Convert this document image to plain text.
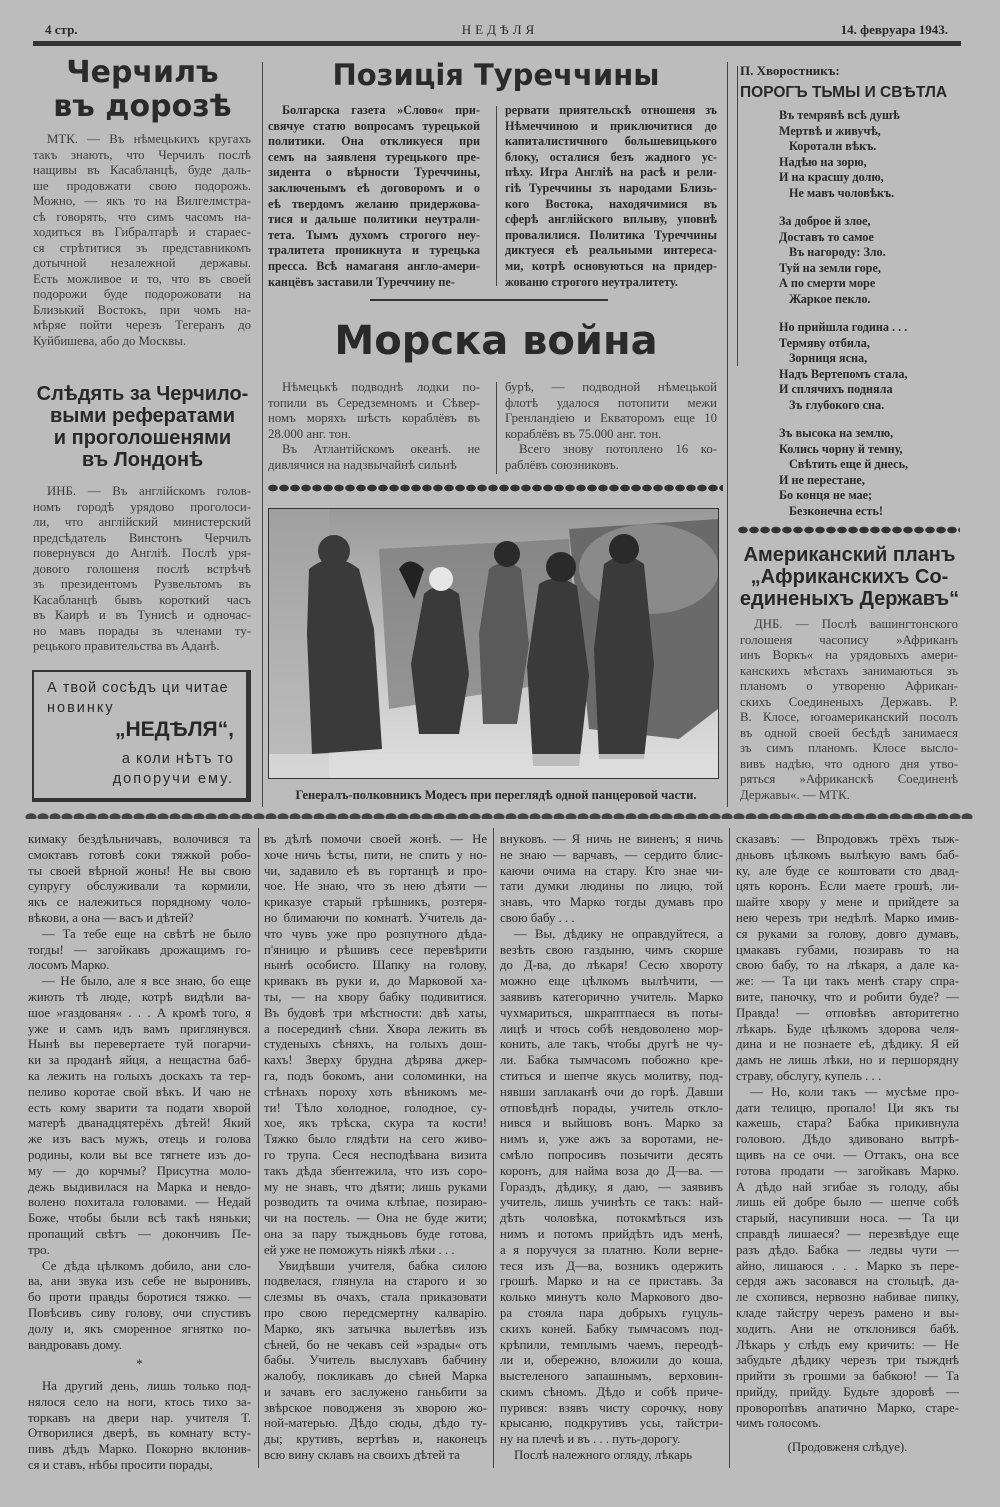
4 стр.	НЕДѢЛЯ	14. февруара 1943.
Черчилъ
въ дорозѣ

МТК. — Въ нѣмецькихъ кругахъ
такъ знають, что Черчилъ послѣ
нащивы въ Касабланцѣ, буде даль-
ше продовжати свою подорожь.
Можно, — якъ то на Вилгелмстра-
сѣ говорять, что симъ часомъ на-
ходиться въ Гибралтарѣ и стараес-
ся стрѣтитися зъ представникомъ
дотычной незалежной державы.
Есть можливое и то, что въ своей
подорожи буде подорожовати на
Близький Востокъ, при чомъ на-
мѣряе пойти черезъ Тегеранъ до
Куйбишева, або до Москвы.

Слѣдять за Черчило-
выми рефератами
и проголошенями
въ Лондонѣ

ИНБ. — Въ англійскомъ голов-
номъ городѣ урядово проголоси-
ли, что англійский министерский
предсѣдатель Винстонъ Черчилъ
повернувся до Англіѣ. Послѣ уря-
дового голошеня послѣ встрѣчѣ
зъ президентомъ Рузвельтомъ въ
Касабланцѣ бывъ короткий часъ
въ Каирѣ и въ Тунисѣ и одночас-
но мавъ порады зъ членами ту-
рецького правительства въ Аданѣ.

А твой сосѣдъ ци читае
новинку
„НЕДѢЛЯ“,
а коли нѣтъ то
допоручи ему.
Позиція Туреччины

Болгарска газета »Слово« при-
свячуе статю вопросамъ турецькой
политики. Она откликуеся при
семъ на заявленя турецького пре-
зидента о вѣрности Туреччины,
заключенымъ еѣ договоромъ и о
еѣ твердомъ желаню придержова-
тися и дальше политики неутрали-
тета. Тымъ духомъ строгого неу-
тралитета проникнута и турецька
пресса. Всѣ намаганя англо-амери-
канцёвъ заставили Туреччину пе-

рервати приятельскѣ отношеня зъ
Нѣмеччиною и приключитися до
капиталистичного большевицького
блоку, осталися безъ жадного ус-
пѣху. Игра Англіѣ на расѣ и рели-
гіѣ Туреччины зъ народами Близь-
кого Востока, находячимися въ
сферѣ англійского вплыву, уповнѣ
провалилися. Политика Туреччины
диктуеся еѣ реальными интереса-
ми, котрѣ основуються на придер-
жованю строгого неутралитету.

Морска война

Нѣмецькѣ подводнѣ лодки по-
топили въ Середземномъ и Сѣвер-
номъ моряхъ шѣсть кораблёвъ въ
28.000 анг. тон.

Въ Атлантійскомъ океанѣ. не
дивлячися на надзвычайнѣ сильнѣ

бурѣ, — подводной нѣмецькой
флотѣ удалося потопити межи
Гренландіею и Екваторомъ еще 10
кораблёвъ въ 75.000 анг. тон.

Всего знову потоплено 16 ко-
раблёвъ союзниковъ.

Генералъ-полковникъ Модесъ при переглядѣ одной панцеровой части.
П. Хворостникъ:
ПОРОГЪ ТЬМЫ И СВѢТЛА
Въ темрявѣ всѣ душѣ
Мертвѣ и живучѣ,
Короталн вѣкъ.
Надѣю на зорю,
И на красшу долю,
Не мавъ чоловѣкъ.
За доброе й злое,
Доставъ то самое
Въ нагороду: Зло.
Туй на земли горе,
А по смерти море
Жаркое пекло.
Но прийшла година . . .
Термяву отбила,
Зорниця ясна,
Надъ Вертепомъ стала,
И сплячихъ подняла
Зъ глубокого сна.
Зъ высока на землю,
Колись чорну й темну,
Свѣтить еще й днесь,
И не перестане,
Бо конця не мае;
Безконечна есть!
Американский планъ
„Африканскихъ Со-
единеныхъ Державъ“

ДНБ. — Послѣ вашингтонского
голошеня часопису »Африканъ
инъ Воркъ« на урядовыхъ амери-
канскихъ мѣстахъ занимаються зъ
планомъ о утвореню Африкан-
скихъ Соединеныхъ Державъ. Р.
В. Клосе, югоамериканский посолъ
въ одной своей бесѣдѣ занимаеся
зъ симъ планомъ. Клосе выслo-
вивъ надѣю, что одного дня утво-
ряться »Африканскѣ Соединенѣ
Державы«. — МТК.

кимаку бездѣльничавъ, волочився та
смоктавъ готовѣ соки тяжкой робо-
ты своей вѣрной жоны! Не вы свою
супругу обслуживали та кормили,
якъ се належиться порядному чоло-
вѣкови, а она — васъ и дѣтей?

— Та тебе еще на свѣтѣ не было
тогды! — загойкавъ дрожащимъ го-
лосомъ Марко.

— Не было, але я все знаю, бо еще
жиють тѣ люде, котрѣ видѣли ва-
шое »газдованя« . . . А кромѣ того, я
уже и самъ идъ вамъ приглянувся.
Нынѣ вы перевертаете туй погарчи-
ки за проданѣ яйця, а нещастна баб-
ка лежить на голыхъ доскахъ та тер-
пеливо коротае свой вѣкъ. И чаю не
есть кому зварити та подати хворой
матерѣ дванадцятерёхъ дѣтей! Який
же изъ васъ мужъ, отець и голова
родины, коли вы все тягнете изъ до-
му — до корчмы? Присутна моло-
дежь выдивилася на Марка и невдо-
волено похитала головами. — Недай
Боже, чтобы были всѣ такѣ няньки;
пропащий свѣтъ — докончивъ Пе-
тро.

Се дѣда цѣлкомъ добило, ани сло-
ва, ани звука изъ себе не выронивъ,
бо проти правды боротися тяжко. —
Повѣсивъ сиву голову, очи спустивъ
долу и, якъ сморенное ягнятко по-
вандровавъ дому.

*

На другий день, лишь только под-
нялося село на ноги, ктось тихо за-
торкавъ на двери нар. учителя Т.
Отворилися дверѣ, въ комнату всту-
пивъ дѣдъ Марко. Покорно вклонив-
ся и ставъ, нѣбы просити порады,

въ дѣлѣ помочи своей жонѣ. — Не
хоче ничь ѣсты, пити, не спить у но-
чи, задавило еѣ въ гортанцѣ и про-
чое. Не знаю, что зъ нею дѣяти —
криказуе старый грѣшникъ, розтеря-
но блимаючи по комнатѣ. Учитель да-
что чувъ уже про розпутного дѣда-
п'яницю и рѣшивъ сесе перевѣрити
нынѣ особисто. Шапку на голову,
кривакъ въ руки и, до Марковой ха-
ты, — на хвору бабку подивитися.
Въ будовѣ три мѣстности: двѣ хаты,
а посерединѣ сѣни. Хвора лежить въ
студеныхъ сѣняхъ, на голыхъ дош-
кахъ! Зверху брудна дѣрява джер-
га, подъ бокомъ, ани соломинки, на
стѣнахъ пороху хоть вѣникомъ ме-
ти! Тѣло холодное, голодное, су-
хое, якъ трѣска, скура та кости!
Тяжко было глядѣти на сего живо-
го трупа. Сеся несподѣвана визита
такъ дѣда збентежила, что изъ соро-
му не знавъ, что дѣяти; лишь руками
розводить та очима клѣпае, позираю-
чи на постель. — Она не буде жити;
она за пару тыждньовъ буде готова,
ей уже не поможуть нiякѣ лѣки . . .

Увидѣвши учителя, бабка силою
подвелася, глянула на старого и зо
слезмы въ очахъ, стала приказовати
про свою передсмертну калварію.
Марко, якъ затычка вылетѣвъ изъ
сѣней, бо не чекавъ сей »зрады« отъ
бабы. Учитель выслухавъ бабчину
жалобу, покликавъ до сѣней Марка
и зачавъ его заслужено ганьбити за
звѣрское поводженя зъ хворою жо-
ной-матерью. Дѣдо сюды, дѣдо ту-
ды; крутивъ, вертѣвъ и, наконецъ
всю вину склавъ на своихъ дѣтей та

внуковъ. — Я ничь не виненъ; я ничь
не знаю — варчавъ, — сердито блис-
каючи очима на стару. Кто знае чи-
тати думки людины по лицю, той
знавъ, что Марко тогды думавъ про
свою бабу . . .

— Вы, дѣдику не оправдуйтеся, а
везѣть свою газдыню, чимъ скорше
до Д-ва, до лѣкаря! Сесю хвороту
можно еще цѣлкомъ вылѣчити, —
заявивъ категорично учитель. Марко
чухмариться, шкраптпаеся въ поты-
лицѣ и чтось собѣ невдоволено мор-
конить, але такъ, чтобы другѣ не чу-
ли. Бабка тымчасомъ побожно кре-
ститься и шепче якусь молитву, под-
нявши заплаканѣ очи до горѣ. Давши
отповѣднѣ порады, учитель откло-
нився и выйшовъ вонъ. Марко за
нимъ и, уже ажъ за воротами, не-
смѣло попросивъ позычити десять
коронъ, для найма воза до Д—ва. —
Гораздъ, дѣдику, я даю, — заявивъ
учитель, лишь учинѣть се такъ: най-
дѣть чоловѣка, потокмѣться изъ
нимъ и потомъ прийдѣть идъ менѣ,
а я поручуся за платню. Коли верне-
теся изъ Д—ва, возникъ одержить
грошѣ. Марко и на се приставъ. За
колько минутъ коло Маркового дво-
ра стояла пара добрыхъ гуцуль-
скихъ коней. Бабку тымчасомъ под-
крѣпили, темплымъ чаемъ, переодѣ-
ли и, обережно, вложили до коша,
выстеленого запашнымъ, верховин-
скимъ сѣномъ. Дѣдо и собѣ приче-
пурився: взявъ чисту сорочку, нову
крысаню, подкрутивъ усы, тайстри-
ну на плечѣ и въ . . . путь-дорогу.

Послѣ належного огляду, лѣкарь

сказавъ: — Впродовжъ трёхъ тыж-
дньовъ цѣлкомъ вылѣкую вамъ баб-
ку, але буде се коштовати сто двад-
цять коронъ. Если маете грошѣ, ли-
шайте хвору у мене и прийдете за
нею черезъ три недѣлѣ. Марко имив-
ся руками за голову, довго думавъ,
цмакавъ губами, позиравъ то на
свою бабу, то на лѣкаря, а дале ка-
же: — Та ци такъ менѣ стару спра-
вите, паночку, что и робити буде? —
Правда! — отповѣвъ авторитетно
лѣкарь. Буде цѣлкомъ здорова челя-
дина и не познаете еѣ, дѣдику. Я ей
дамъ не лишь лѣки, но и першорядну
страву, обслугу, купель . . .

— Но, коли такъ — мусѣме про-
дати телицю, пропало! Ци якъ ты
кажешь, стара? Бабка прикивнула
головою. Дѣдо здивовано вытрѣ-
щивъ на се очи. — Оттакъ, она все
готова продати — загойкавъ Марко.
А дѣдо най згибае зъ голоду, абы
лишь ей добре было — шепче собѣ
старый, насупивши носа. — Та ци
справдѣ лишаеся? — перезвѣдуе еще
разъ дѣдо. Бабка — ледвы чути —
айно, лишаюся . . . Марко зъ пере-
сердя ажъ засовався на стольцѣ, да-
ле схопився, нервозно набивае пипку,
кладе тайстру черезъ рамено и вы-
ходить. Ани не отклонився бабѣ.
Лѣкарь у слѣдъ ему кричить: — Не
забудьте дѣдику черезъ три тыжднѣ
прийти зъ грошми за бабкою! — Та
прийду, прийду. Будьте здоровѣ —
проворопѣвъ апатично Марко, старе-
чимъ голосомъ.

(Продовженя слѣдуе).
